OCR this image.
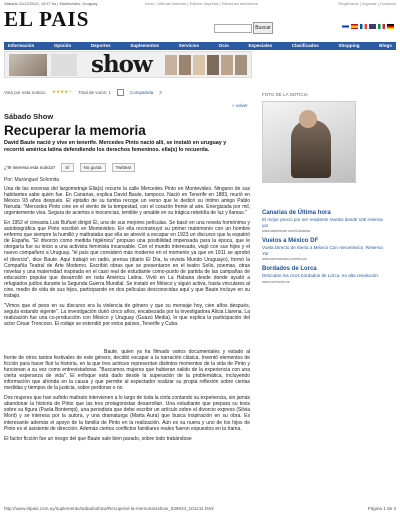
Sábado 11/12/2010, 10:47 hs | Montevideo, Uruguay	Inicio | Últimas Noticias | Edición Impresa | Ediciones anteriores	Registrarse | Ingresar | Contacto
EL PAIS	Buscar
Información	Opinión	Deportes	Suplementos	Servicios	Ocio	Especiales	Clasificados	Shopping	Blogs
show
Vota por esta noticia: ★★★★☆ Total de votos: 1	Compartela 3
» volver
Sábado Show
Recuperar la memoria
David Baute nació y vive en tenerife. Mercedes Pinto nació allí, se instaló en uruguay y recorrió américa latina defendiendo los derechos femeninos. ella(s) lo recuerda.
¿Te interesa esta noticia?	Sí	No gusta	Twittear
Por: Maránguel Solomita

Una de las escenas del largometraje Ella(s) recurre la calle Mercedes Pinto en Montevideo. Ninguno de sus habitantes sabe quién fue. En Canarias, explica David Baute, tampoco. Nació en Tenerife en 1883, murió en México 93 años después. El epitafio de su tumba recoge un verso que le dedicó su íntimo amigo Pablo Neruda: "Mercedes Pinto cine en el viento de la tempestad, con el corazón frente al aire. Energizada por mil, urgentemente viva. Segura de aciertos e inocencias, temible y amable en su trágica rebeldía de luz y llamas."

En 1952 el cineasta Luis Buñuel dirigió Él, una de sus mejores películas. Se basó en una novela homónima y autobiográfica que Pinto escribió en Montevideo. En ella reconstruyó su primer matrimonio con un hombre enfermo que siempre la humilló y maltrataba que ella se atrevió a escapar en 1923 un discurso que la expatrió de España. "El divorcio como medida higiénica" propuso una posibilidad impensada para la época, que le otorgaría fue su inicio a una activista feminista incansable. Con el mundo interesado, viajó con sus hijos y el nuevo compañero a Uruguay, "el país que consideró más moderno en el momento ya que en 1911 se aprobó el divorcio", dice Baute. Aquí trabajó en radio, prensa (diario El Día, la revista Mundo Uruguayo), formó la Compañía Teatral de Arte Moderno. Escribió obras que se presentaron en el teatro Solís, poemas, otras novelas y una maternidad inspirada en el caso real de estudiante como-punto de partida de las campañas de educación popular que desarrolló en toda América Latina. Vivió en La Habana desde donde ayudó a refugiados judíos durante la Segunda Guerra Mundial. Se instaló en México y siguió activa, hasta vinculares al cine, medio de vida de sus hijos, participando en dos películas desconocidas aquí y que Baute incluye en su trabajo.

"Vimos que el peso en su discurso era la violencia de género y que su mensaje hoy, cien años después, seguía estando vigente". La investigación durió cinco años, encabezada por la investigadora Alicia Llarena. La realización fue una co-producción con México y Uruguay (Guazú Media), lo que explica la participación del actor César Troncoso. El rodaje se extendió por estos países, Tenerife y Cuba.

Baute, quien ya ha filmado varios documentales y estado al frente de otros tantos festivales de este género, decidió escapar a la narración clásica. Inventó elementos de ficción para hacer fluir la historia, en la que tres actrices representan distintos momentos de la vida de Pinto y funcionan a su vez como entrevistadoras. "Buscamos mujeres que hubieran salido de la experiencia con una cierta esperanza de vida". El enfoque está dado desde la superación de la problemática, incluyendo información que ahonda en la causa y que permite al espectador realizar su propia reflexión sobre ciertas medidas y tiempos de la justicia, sobre perdonar o no.

Dos mujeres que han sufrido maltrato intervienen a lo largo de toda la cinta contando su experiencia, sin jamás abandonar la historia de Pinto que las tres protagonistas desarrollan. Una estudiante que prepara su tesis sobre su figura (Paola Bontempi), una periodista que debe escribir un artículo sobre el divorcio express (Silvia Mont) y se interesa por la autora, y una dramaturga (Marta Aura) que busca inspiración en su obra. Es interesante además el apoyo de la familia de Pinto en la realización. Aún es su nuera y uno de los hijos de Pinto es el asistente de dirección. Además ciertos conflictos familiares reales fueron expuestos en la trama.

El factor ficción fue un riesgo del que Baute sale bien parado, sobre todo trabándose

FOTO DE LA NOTICIA
Canarias de Última hora

El mejor precio por ser residente Vuelos desde 10€ reserva ya!

www.lastminute.com/Canarias
Vuelos a México DF

Vuela Directo de Iberia a México Con Aeroméxico. Reserva Ya!

www.aeromexico.com/es-es
Bordados de Lorca

Descubre los ricos bordados de Lorca, en alta resolución.

www.cerbordo.es
http://www.elpais.com.uy/suplemento/sabadoshow/Recuperar-la-memoria/sshow_535934_101211.html	Página 1 de 3
